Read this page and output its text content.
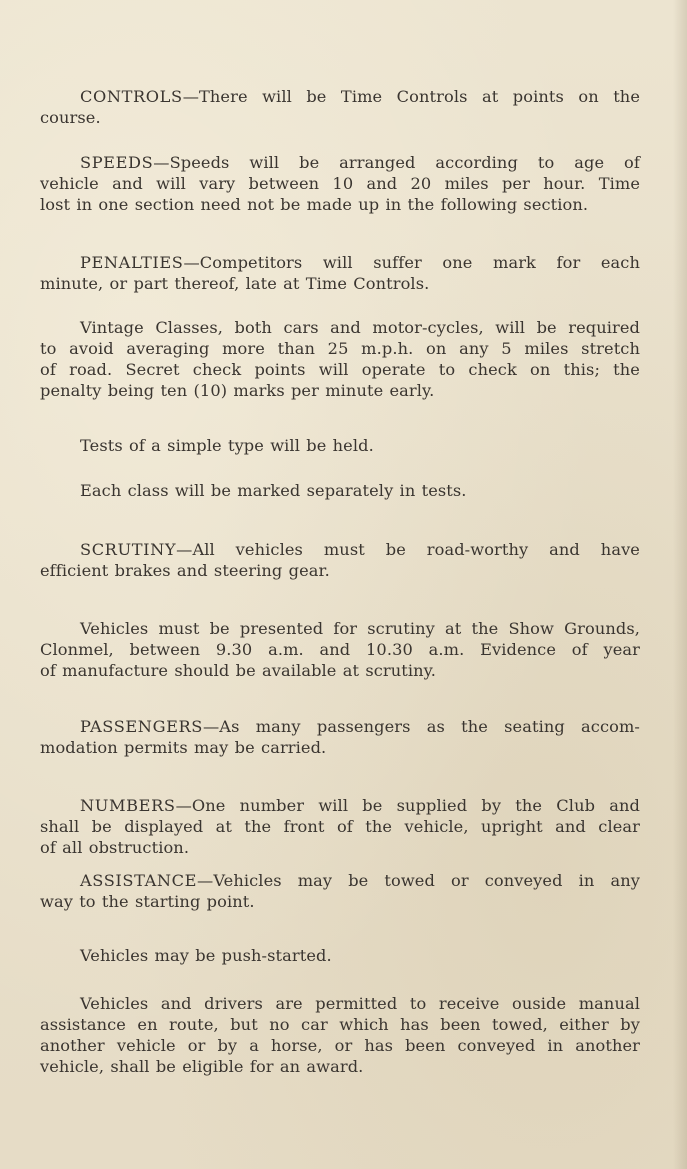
CONTROLS—There will be Time Controls at points on the
course.

SPEEDS—Speeds will be arranged according to age of
vehicle and will vary between 10 and 20 miles per hour. Time
lost in one section need not be made up in the following section.

PENALTIES—Competitors will suffer one mark for each
minute, or part thereof, late at Time Controls.

Vintage Classes, both cars and motor-cycles, will be required
to avoid averaging more than 25 m.p.h. on any 5 miles stretch
of road. Secret check points will operate to check on this; the
penalty being ten (10) marks per minute early.

Tests of a simple type will be held.

Each class will be marked separately in tests.

SCRUTINY—All vehicles must be road-worthy and have
efficient brakes and steering gear.

Vehicles must be presented for scrutiny at the Show Grounds,
Clonmel, between 9.30 a.m. and 10.30 a.m. Evidence of year
of manufacture should be available at scrutiny.

PASSENGERS—As many passengers as the seating accom-
modation permits may be carried.

NUMBERS—One number will be supplied by the Club and
shall be displayed at the front of the vehicle, upright and clear
of all obstruction.

ASSISTANCE—Vehicles may be towed or conveyed in any
way to the starting point.

Vehicles may be push-started.

Vehicles and drivers are permitted to receive ouside manual
assistance en route, but no car which has been towed, either by
another vehicle or by a horse, or has been conveyed in another
vehicle, shall be eligible for an award.
